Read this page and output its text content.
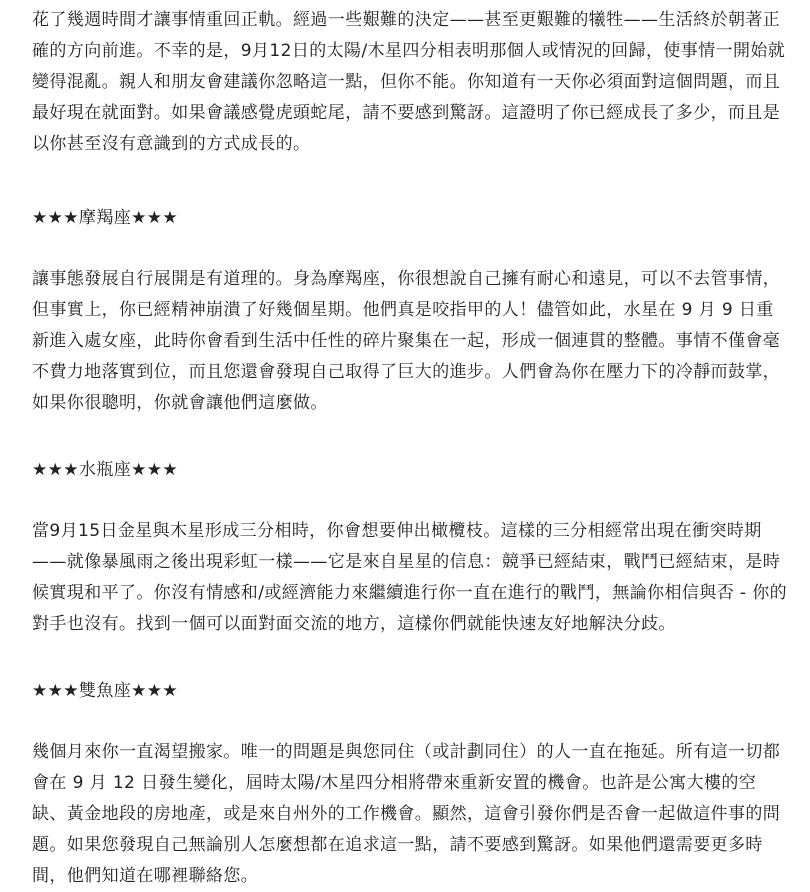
花了幾週時間才讓事情重回正軌。經過一些艱難的決定——甚至更艱難的犧牲——生活終於朝著正確的方向前進。不幸的是，9月12日的太陽/木星四分相表明那個人或情況的回歸，使事情一開始就變得混亂。親人和朋友會建議你忽略這一點，但你不能。你知道有一天你必須面對這個問題，而且最好現在就面對。如果會議感覺虎頭蛇尾，請不要感到驚訝。這證明了你已經成長了多少，而且是以你甚至沒有意識到的方式成長的。

★★★摩羯座★★★

讓事態發展自行展開是有道理的。身為摩羯座，你很想說自己擁有耐心和遠見，可以不去管事情，但事實上，你已經精神崩潰了好幾個星期。他們真是咬指甲的人！儘管如此，水星在 9 月 9 日重新進入處女座，此時你會看到生活中任性的碎片聚集在一起，形成一個連貫的整體。事情不僅會毫不費力地落實到位，而且您還會發現自己取得了巨大的進步。人們會為你在壓力下的冷靜而鼓掌，如果你很聰明，你就會讓他們這麼做。

★★★水瓶座★★★

當9月15日金星與木星形成三分相時，你會想要伸出橄欖枝。這樣的三分相經常出現在衝突時期——就像暴風雨之後出現彩虹一樣——它是來自星星的信息：競爭已經結束，戰鬥已經結束，是時候實現和平了。你沒有情感和/或經濟能力來繼續進行你一直在進行的戰鬥，無論你相信與否 - 你的對手也沒有。找到一個可以面對面交流的地方，這樣你們就能快速友好地解決分歧。

★★★雙魚座★★★

幾個月來你一直渴望搬家。唯一的問題是與您同住（或計劃同住）的人一直在拖延。所有這一切都會在 9 月 12 日發生變化，屆時太陽/木星四分相將帶來重新安置的機會。也許是公寓大樓的空缺、黃金地段的房地產，或是來自州外的工作機會。顯然，這會引發你們是否會一起做這件事的問題。如果您發現自己無論別人怎麼想都在追求這一點，請不要感到驚訝。如果他們還需要更多時間，他們知道在哪裡聯絡您。
